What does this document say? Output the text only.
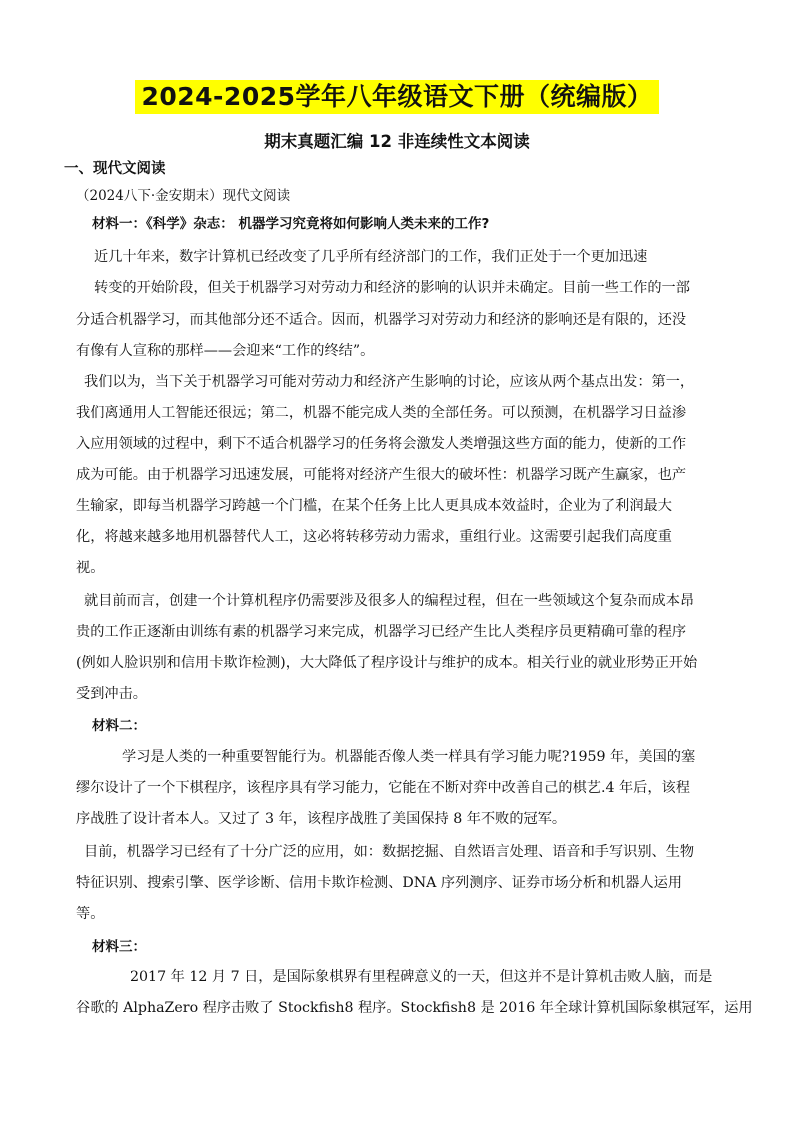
2024-2025学年八年级语文下册（统编版）
期末真题汇编 12 非连续性文本阅读
一、现代文阅读
（2024八下·金安期末）现代文阅读
材料一：《科学》杂志： 机器学习究竟将如何影响人类未来的工作?
近几十年来，数字计算机已经改变了几乎所有经济部门的工作，我们正处于一个更加迅速
转变的开始阶段，但关于机器学习对劳动力和经济的影响的认识并未确定。目前一些工作的一部
分适合机器学习，而其他部分还不适合。因而，机器学习对劳动力和经济的影响还是有限的，还没
有像有人宣称的那样——会迎来“工作的终结”。
我们以为，当下关于机器学习可能对劳动力和经济产生影响的讨论，应该从两个基点出发：第一，
我们离通用人工智能还很远；第二，机器不能完成人类的全部任务。可以预测，在机器学习日益渗
入应用领域的过程中，剩下不适合机器学习的任务将会激发人类增强这些方面的能力，使新的工作
成为可能。由于机器学习迅速发展，可能将对经济产生很大的破坏性：机器学习既产生赢家，也产
生输家，即每当机器学习跨越一个门槛，在某个任务上比人更具成本效益时，企业为了利润最大
化，将越来越多地用机器替代人工，这必将转移劳动力需求，重组行业。这需要引起我们高度重
视。
就目前而言，创建一个计算机程序仍需要涉及很多人的编程过程，但在一些领域这个复杂而成本昂
贵的工作正逐渐由训练有素的机器学习来完成，机器学习已经产生比人类程序员更精确可靠的程序
(例如人脸识别和信用卡欺诈检测)，大大降低了程序设计与维护的成本。相关行业的就业形势正开始
受到冲击。
材料二：
学习是人类的一种重要智能行为。机器能否像人类一样具有学习能力呢?1959 年，美国的塞
缪尔设计了一个下棋程序，该程序具有学习能力，它能在不断对弈中改善自己的棋艺.4 年后，该程
序战胜了设计者本人。又过了 3 年，该程序战胜了美国保持 8 年不败的冠军。
目前，机器学习已经有了十分广泛的应用，如：数据挖掘、自然语言处理、语音和手写识别、生物
特征识别、搜索引擎、医学诊断、信用卡欺诈检测、DNA 序列测序、证券市场分析和机器人运用
等。
材料三：
2017 年 12 月 7 日，是国际象棋界有里程碑意义的一天，但这并不是计算机击败人脑，而是
谷歌的 AlphaZero 程序击败了 Stockfish8 程序。Stockfish8 是 2016 年全球计算机国际象棋冠军，运用
